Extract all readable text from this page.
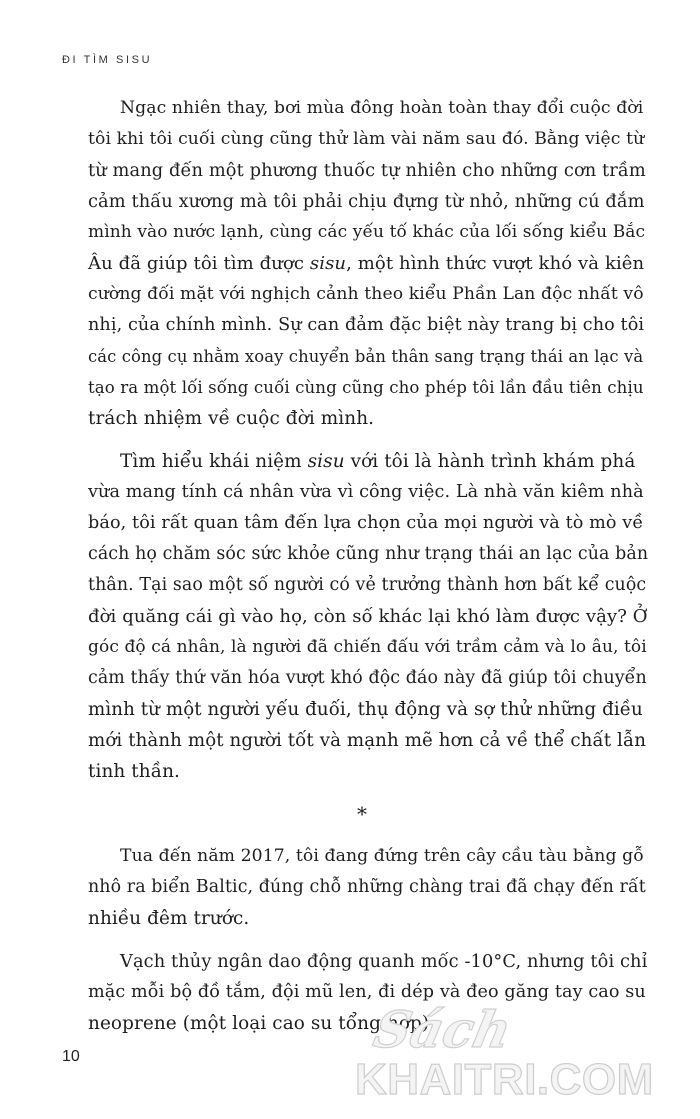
ĐI TÌM SISU
Ngạc nhiên thay, bơi mùa đông hoàn toàn thay đổi cuộc đời
tôi khi tôi cuối cùng cũng thử làm vài năm sau đó. Bằng việc từ
từ mang đến một phương thuốc tự nhiên cho những cơn trầm
cảm thấu xương mà tôi phải chịu đựng từ nhỏ, những cú đắm
mình vào nước lạnh, cùng các yếu tố khác của lối sống kiểu Bắc
Âu đã giúp tôi tìm được sisu, một hình thức vượt khó và kiên
cường đối mặt với nghịch cảnh theo kiểu Phần Lan độc nhất vô
nhị, của chính mình. Sự can đảm đặc biệt này trang bị cho tôi
các công cụ nhằm xoay chuyển bản thân sang trạng thái an lạc và
tạo ra một lối sống cuối cùng cũng cho phép tôi lần đầu tiên chịu
trách nhiệm về cuộc đời mình.
Tìm hiểu khái niệm sisu với tôi là hành trình khám phá
vừa mang tính cá nhân vừa vì công việc. Là nhà văn kiêm nhà
báo, tôi rất quan tâm đến lựa chọn của mọi người và tò mò về
cách họ chăm sóc sức khỏe cũng như trạng thái an lạc của bản
thân. Tại sao một số người có vẻ trưởng thành hơn bất kể cuộc
đời quăng cái gì vào họ, còn số khác lại khó làm được vậy? Ở
góc độ cá nhân, là người đã chiến đấu với trầm cảm và lo âu, tôi
cảm thấy thứ văn hóa vượt khó độc đáo này đã giúp tôi chuyển
mình từ một người yếu đuối, thụ động và sợ thử những điều
mới thành một người tốt và mạnh mẽ hơn cả về thể chất lẫn
tinh thần.
*
Tua đến năm 2017, tôi đang đứng trên cây cầu tàu bằng gỗ
nhô ra biển Baltic, đúng chỗ những chàng trai đã chạy đến rất
nhiều đêm trước.
Vạch thủy ngân dao động quanh mốc -10°C, nhưng tôi chỉ
mặc mỗi bộ đồ tắm, đội mũ len, đi dép và đeo găng tay cao su
neoprene (một loại cao su tổng hợp).
10	Sách
KHAITRI.COM
